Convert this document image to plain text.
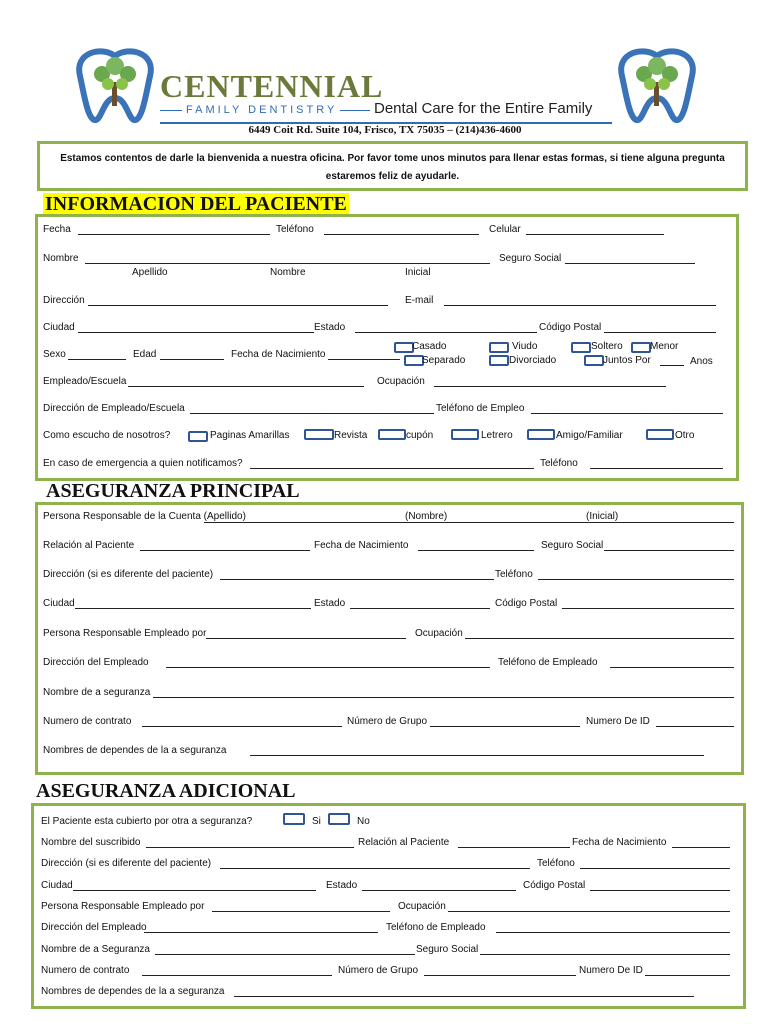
CENTENNIAL
FAMILY DENTISTRY Dental Care for the Entire Family
6449 Coit Rd. Suite 104, Frisco, TX 75035 – (214)436-4600
Estamos contentos de darle la bienvenida a nuestra oficina. Por favor tome unos minutos para llenar estas formas, si tiene alguna pregunta estaremos feliz de ayudarle.
INFORMACION DEL PACIENTE
Fecha	Teléfono	Celular
Nombre	Seguro Social
Apellido	Nombre	Inicial
Dirección	E-mail
Ciudad	Estado	Código Postal
Sexo	Edad	Fecha de Nacimiento
Casado
Separado
Viudo
Divorciado
Soltero	Menor
Juntos Por	Anos
Empleado/Escuela	Ocupación
Dirección de Empleado/Escuela	Teléfono de Empleo
Como escucho de nosotros?	Paginas Amarillas	Revista	cupón	Letrero	Amigo/Familiar	Otro
En caso de emergencia a quien notificamos?	Teléfono
ASEGURANZA PRINCIPAL
Persona Responsable de la Cuenta (Apellido)	(Nombre)	(Inicial)
Relación al Paciente	Fecha de Nacimiento	Seguro Social
Dirección (si es diferente del paciente)	Teléfono
Ciudad	Estado	Código Postal
Persona Responsable Empleado por	Ocupación
Dirección del Empleado	Teléfono de Empleado
Nombre de a seguranza
Numero de contrato	Número de Grupo	Numero De ID
Nombres de dependes de la a seguranza
ASEGURANZA ADICIONAL
El Paciente esta cubierto por otra a seguranza?	Si	No
Nombre del suscribido	Relación al Paciente	Fecha de Nacimiento
Dirección (si es diferente del paciente)	Teléfono
Ciudad	Estado	Código Postal
Persona Responsable Empleado por	Ocupación
Dirección del Empleado	Teléfono de Empleado
Nombre de a Seguranza	Seguro Social
Numero de contrato	Número de Grupo	Numero De ID
Nombres de dependes de la a seguranza
